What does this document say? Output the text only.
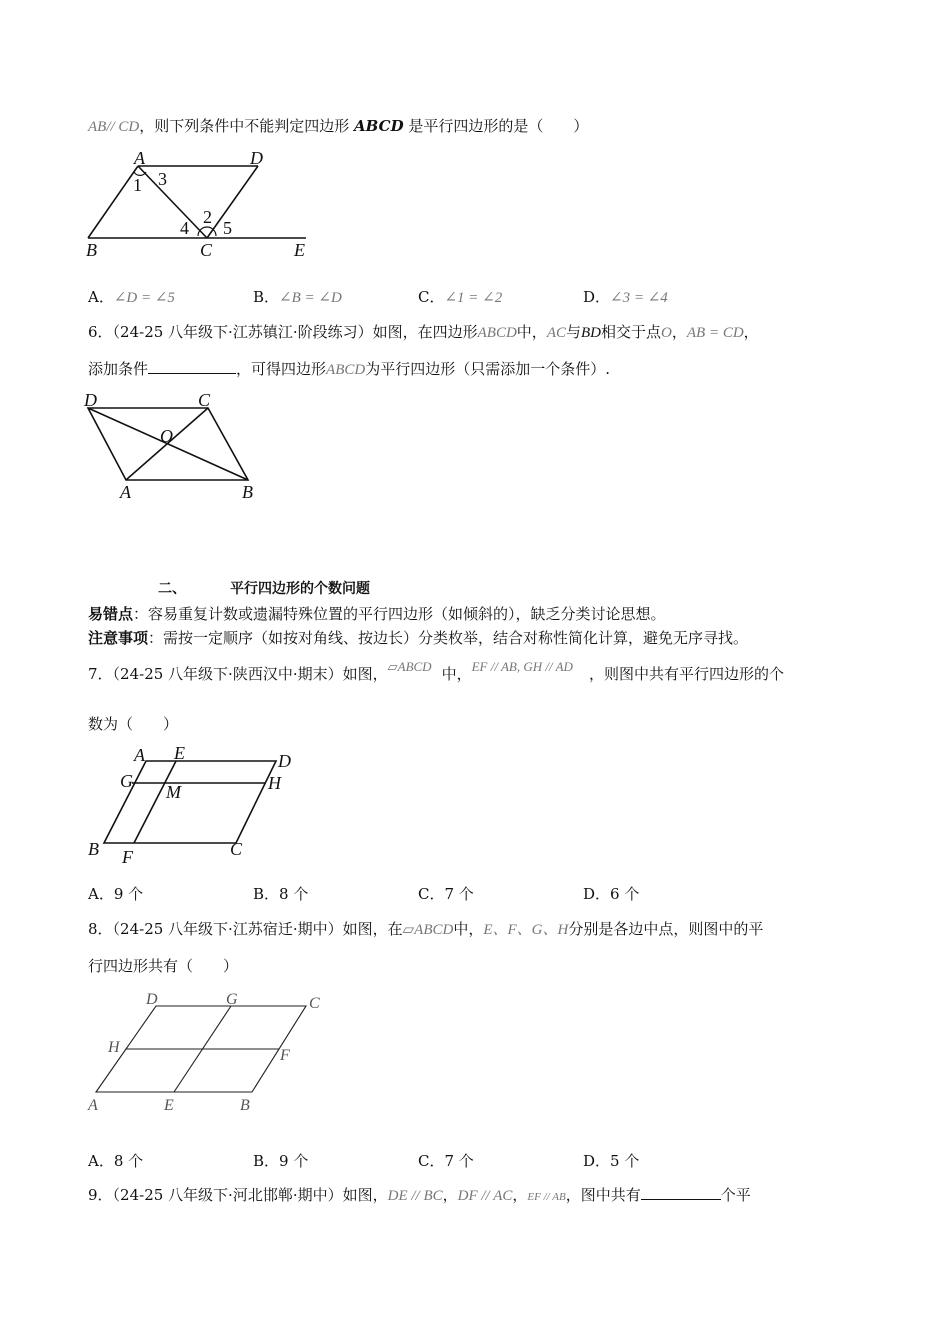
AB// CD，则下列条件中不能判定四边形 ABCD 是平行四边形的是（　　）
A	D
B	C	E
1 3
2
4 5
A．∠D = ∠5	B．∠B = ∠D	C．∠1 = ∠2	D．∠3 = ∠4
6．（24-25 八年级下·江苏镇江·阶段练习）如图，在四边形ABCD中，AC与BD相交于点O，AB = CD，
添加条件	，可得四边形ABCD为平行四边形（只需添加一个条件）.
D	C
O
A	B
二、	平行四边形的个数问题
易错点：容易重复计数或遗漏特殊位置的平行四边形（如倾斜的），缺乏分类讨论思想。
注意事项：需按一定顺序（如按对角线、按边长）分类枚举，结合对称性简化计算，避免无序寻找。
7．（24-25 八年级下·陕西汉中·期末）如图，▱ABCD 中，EF // AB, GH // AD ，则图中共有平行四边形的个
数为（　　）
A E	D
G	H
M
B F	C
A．9 个	B．8 个	C．7 个	D．6 个
8．（24-25 八年级下·江苏宿迁·期中）如图，在▱ABCD中，E、F、G、H分别是各边中点，则图中的平
行四边形共有（　　）
D	G	C
H	F
A	E	B
A．8 个	B．9 个	C．7 个	D．5 个
9．（24-25 八年级下·河北邯郸·期中）如图，DE // BC，DF // AC，EF // AB，图中共有	个平
